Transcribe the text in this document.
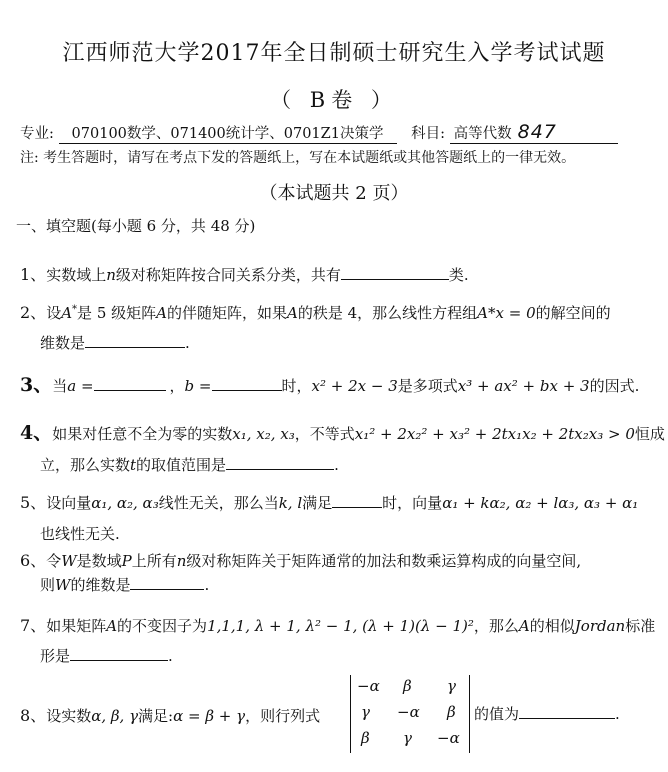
江西师范大学2017年全日制硕士研究生入学考试试题
（ B卷 ）
专业: 070100数学、071400统计学、0701Z1决策学 科目: 高等代数 847
注: 考生答题时，请写在考点下发的答题纸上，写在本试题纸或其他答题纸上的一律无效。
（本试题共 2 页）
一、填空题(每小题 6 分，共 48 分)
1、实数域上n级对称矩阵按合同关系分类，共有	类.
2、设A*是 5 级矩阵A的伴随矩阵，如果A的秩是 4，那么线性方程组A*x = 0的解空间的
维数是	.
3、当a =	，b =	时，x² + 2x − 3是多项式x³ + ax² + bx + 3的因式.
4、如果对任意不全为零的实数x₁, x₂, x₃，不等式x₁² + 2x₂² + x₃² + 2tx₁x₂ + 2tx₂x₃ > 0恒成
立，那么实数t的取值范围是	.
5、设向量α₁, α₂, α₃线性无关，那么当k, l满足	时，向量α₁ + kα₂, α₂ + lα₃, α₃ + α₁
也线性无关.
6、令W是数域P上所有n级对称矩阵关于矩阵通常的加法和数乘运算构成的向量空间,
则W的维数是	.
7、如果矩阵A的不变因子为1,1,1, λ + 1, λ² − 1, (λ + 1)(λ − 1)²，那么A的相似Jordan标准
形是	.
8、设实数α, β, γ满足:α = β + γ，则行列式
−α β γ
γ −α β
β γ −α
的值为	.
